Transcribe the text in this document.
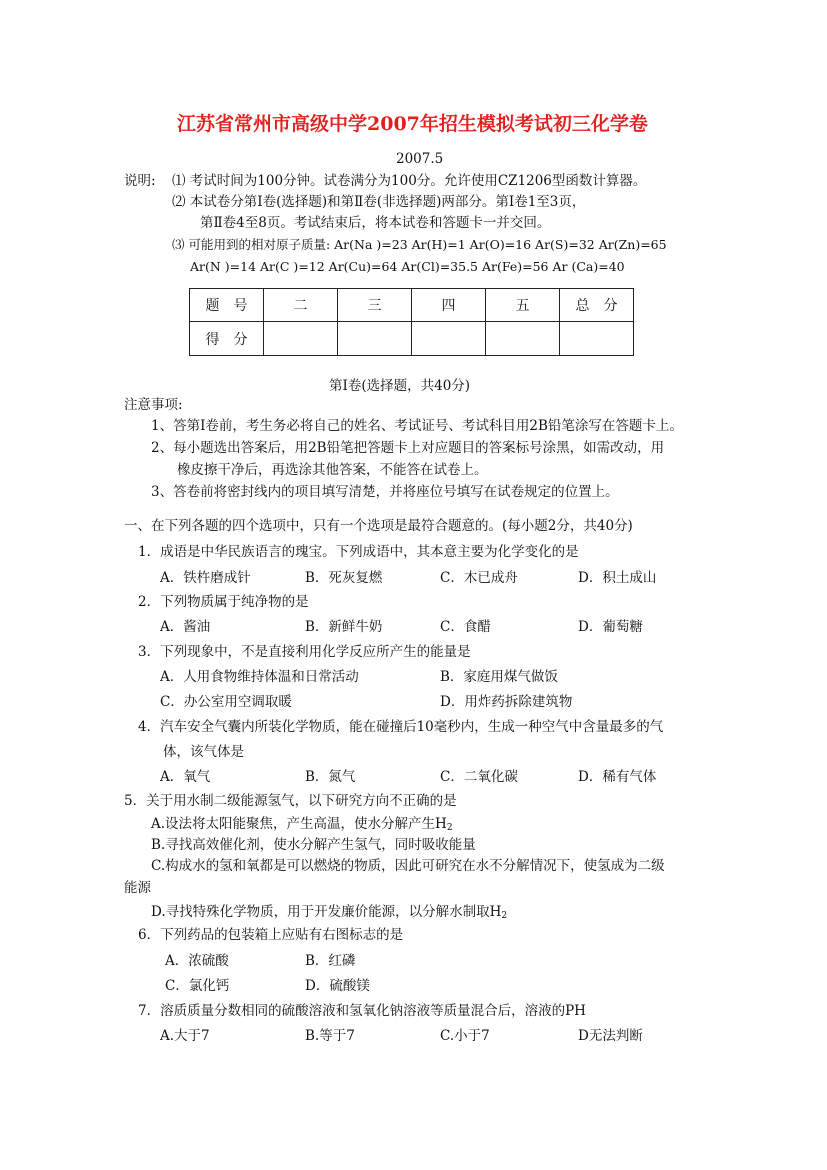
江苏省常州市高级中学2007年招生模拟考试初三化学卷
2007.5
说明: ⑴ 考试时间为100分钟。试卷满分为100分。允许使用CZ1206型函数计算器。
⑵ 本试卷分第Ⅰ卷(选择题)和第Ⅱ卷(非选择题)两部分。第Ⅰ卷1至3页，
第Ⅱ卷4至8页。考试结束后，将本试卷和答题卡一并交回。
⑶ 可能用到的相对原子质量: Ar(Na )=23 Ar(H)=1 Ar(O)=16 Ar(S)=32 Ar(Zn)=65
Ar(N )=14 Ar(C )=12 Ar(Cu)=64 Ar(Cl)=35.5 Ar(Fe)=56 Ar (Ca)=40
题　号	二	三	四	五	总　分
得　分					
第Ⅰ卷(选择题，共40分)
注意事项:
1、答第Ⅰ卷前，考生务必将自己的姓名、考试证号、考试科目用2B铅笔涂写在答题卡上。
2、每小题选出答案后，用2B铅笔把答题卡上对应题目的答案标号涂黑，如需改动，用
橡皮擦干净后，再选涂其他答案，不能答在试卷上。
3、答卷前将密封线内的项目填写清楚，并将座位号填写在试卷规定的位置上。
一、在下列各题的四个选项中，只有一个选项是最符合题意的。(每小题2分，共40分)
1．成语是中华民族语言的瑰宝。下列成语中，其本意主要为化学变化的是
A．铁杵磨成针	B．死灰复燃	C．木已成舟	D．积土成山
2．下列物质属于纯净物的是
A．酱油	B．新鲜牛奶	C．食醋	D．葡萄糖
3．下列现象中，不是直接利用化学反应所产生的能量是
A．人用食物维持体温和日常活动	B．家庭用煤气做饭
C．办公室用空调取暖	D．用炸药拆除建筑物
4．汽车安全气囊内所装化学物质，能在碰撞后10毫秒内，生成一种空气中含量最多的气
体，该气体是
A．氧气	B．氮气	C．二氧化碳	D．稀有气体
5．关于用水制二级能源氢气，以下研究方向不正确的是
A.设法将太阳能聚焦，产生高温，使水分解产生$H_2$
B.寻找高效催化剂，使水分解产生氢气，同时吸收能量
C.构成水的氢和氧都是可以燃烧的物质，因此可研究在水不分解情况下，使氢成为二级
能源
D.寻找特殊化学物质，用于开发廉价能源，以分解水制取$H_2$
6．下列药品的包装箱上应贴有右图标志的是
A．浓硫酸	B．红磷
C．氯化钙	D．硫酸镁
7．溶质质量分数相同的硫酸溶液和氢氧化钠溶液等质量混合后，溶液的PH
A.大于7	B.等于7	C.小于7	D无法判断
